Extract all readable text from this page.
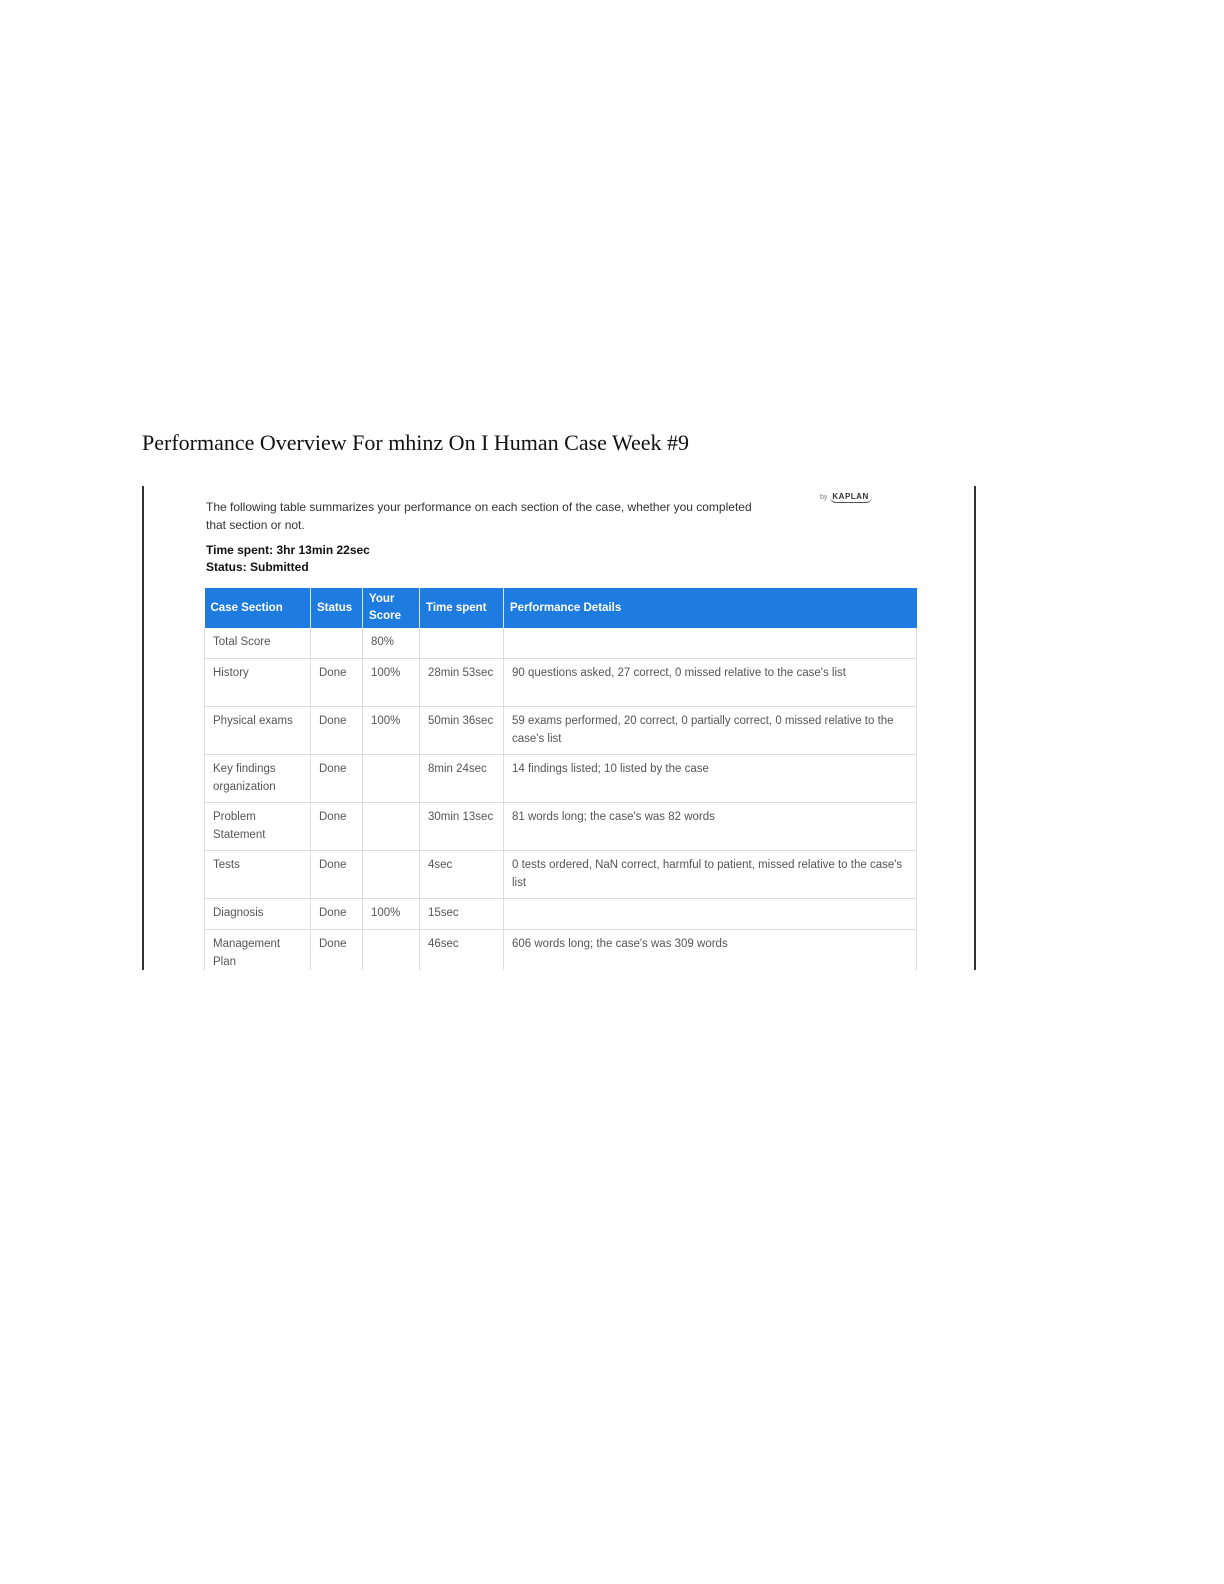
Performance Overview For mhinz On I Human Case Week #9
by KAPLAN
The following table summarizes your performance on each section of the case, whether you completed that section or not.
Time spent: 3hr 13min 22sec
Status: Submitted
Case Section	Status	Your Score	Time spent	Performance Details
Total Score		80%		
History	Done	100%	28min 53sec	90 questions asked, 27 correct, 0 missed relative to the case's list
Physical exams	Done	100%	50min 36sec	59 exams performed, 20 correct, 0 partially correct, 0 missed relative to the case's list
Key findings organization	Done		8min 24sec	14 findings listed; 10 listed by the case
Problem Statement	Done		30min 13sec	81 words long; the case's was 82 words
Tests	Done		4sec	0 tests ordered, NaN correct, harmful to patient, missed relative to the case's list
Diagnosis	Done	100%	15sec	
Management Plan	Done		46sec	606 words long; the case's was 309 words
